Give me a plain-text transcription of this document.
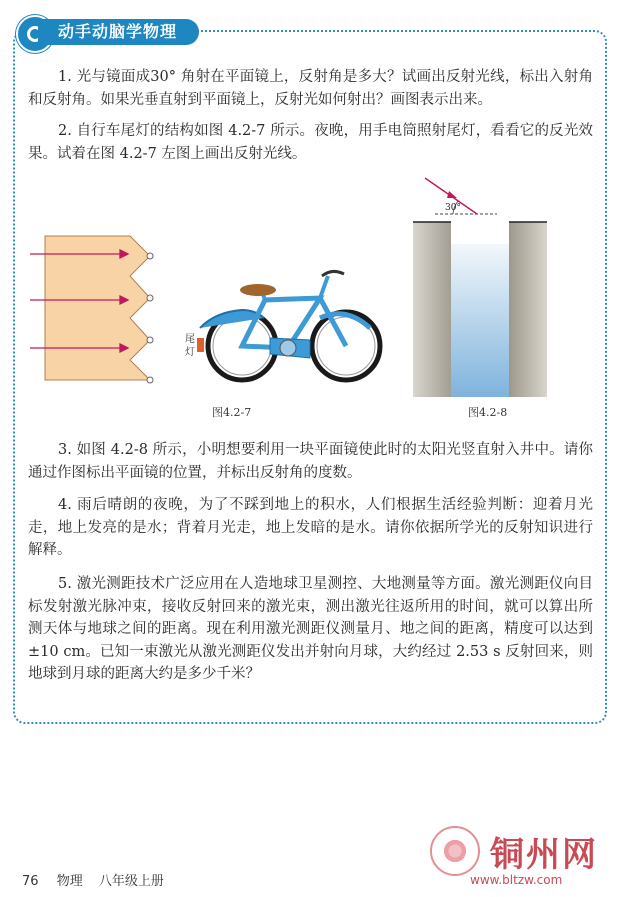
动手动脑学物理
1. 光与镜面成30° 角射在平面镜上，反射角是多大？试画出反射光线，标出入射角和反射角。如果光垂直射到平面镜上，反射光如何射出？画图表示出来。
2. 自行车尾灯的结构如图 4.2-7 所示。夜晚，用手电筒照射尾灯，看看它的反光效果。试着在图 4.2-7 左图上画出反射光线。
尾
灯
图4.2-7
30°
图4.2-8
3. 如图 4.2-8 所示，小明想要利用一块平面镜使此时的太阳光竖直射入井中。请你通过作图标出平面镜的位置，并标出反射角的度数。
4. 雨后晴朗的夜晚，为了不踩到地上的积水，人们根据生活经验判断：迎着月光走，地上发亮的是水；背着月光走，地上发暗的是水。请你依据所学光的反射知识进行解释。
5. 激光测距技术广泛应用在人造地球卫星测控、大地测量等方面。激光测距仪向目标发射激光脉冲束，接收反射回来的激光束，测出激光往返所用的时间，就可以算出所测天体与地球之间的距离。现在利用激光测距仪测量月、地之间的距离，精度可以达到 ±10 cm。已知一束激光从激光测距仪发出并射向月球，大约经过 2.53 s 反射回来，则地球到月球的距离大约是多少千米？
铜州网
www.bltzw.com
76 物理 八年级上册
